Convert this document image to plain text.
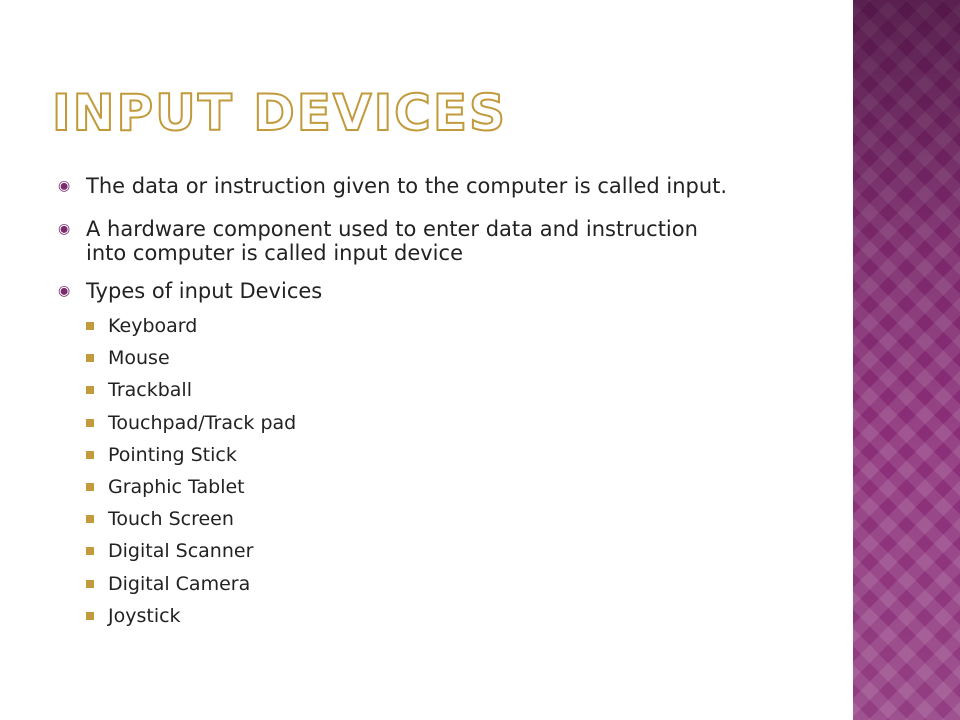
INPUT DEVICES
◉ The data or instruction given to the computer is called input.
◉ A hardware component used to enter data and instruction into computer is called input device
◉ Types of input Devices
Keyboard
Mouse
Trackball
Touchpad/Track pad
Pointing Stick
Graphic Tablet
Touch Screen
Digital Scanner
Digital Camera
Joystick
